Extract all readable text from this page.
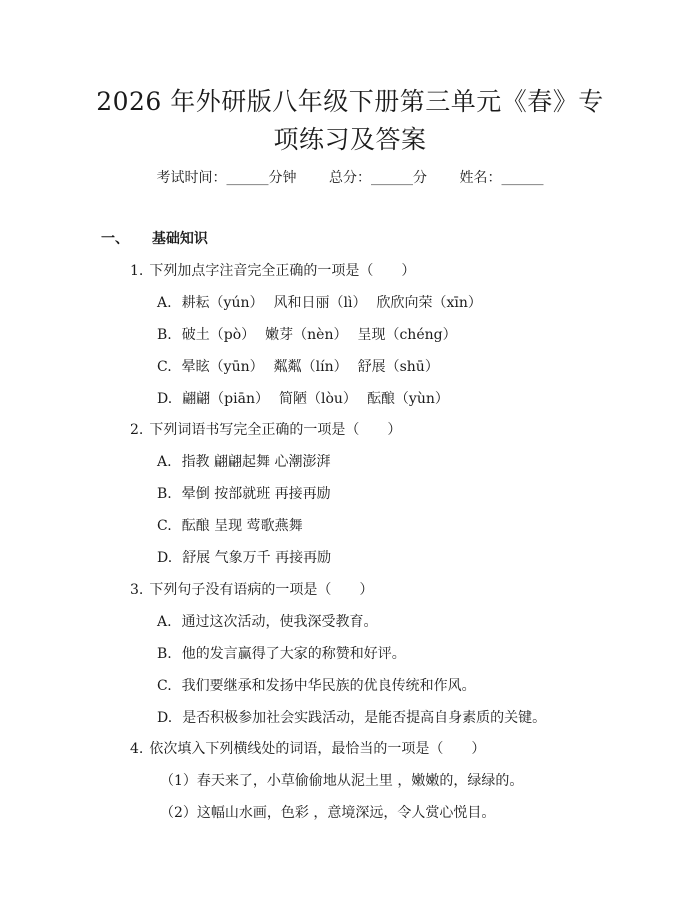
2026 年外研版八年级下册第三单元《春》专
项练习及答案
考试时间：______分钟 总分：______分 姓名：______
一、 基础知识
1. 下列加点字注音完全正确的一项是（　　）
A. 耕耘（yún） 风和日丽（lì） 欣欣向荣（xīn）
B. 破土（pò） 嫩芽（nèn） 呈现（chéng）
C. 晕眩（yūn） 粼粼（lín） 舒展（shū）
D. 翩翩（piān） 简陋（lòu） 酝酿（yùn）
2. 下列词语书写完全正确的一项是（　　）
A. 指教 翩翩起舞 心潮澎湃
B. 晕倒 按部就班 再接再励
C. 酝酿 呈现 莺歌燕舞
D. 舒展 气象万千 再接再励
3. 下列句子没有语病的一项是（　　）
A. 通过这次活动，使我深受教育。
B. 他的发言赢得了大家的称赞和好评。
C. 我们要继承和发扬中华民族的优良传统和作风。
D. 是否积极参加社会实践活动，是能否提高自身素质的关键。
4. 依次填入下列横线处的词语，最恰当的一项是（　　）
（1）春天来了，小草偷偷地从泥土里 ，嫩嫩的，绿绿的。
（2）这幅山水画，色彩 ，意境深远，令人赏心悦目。
